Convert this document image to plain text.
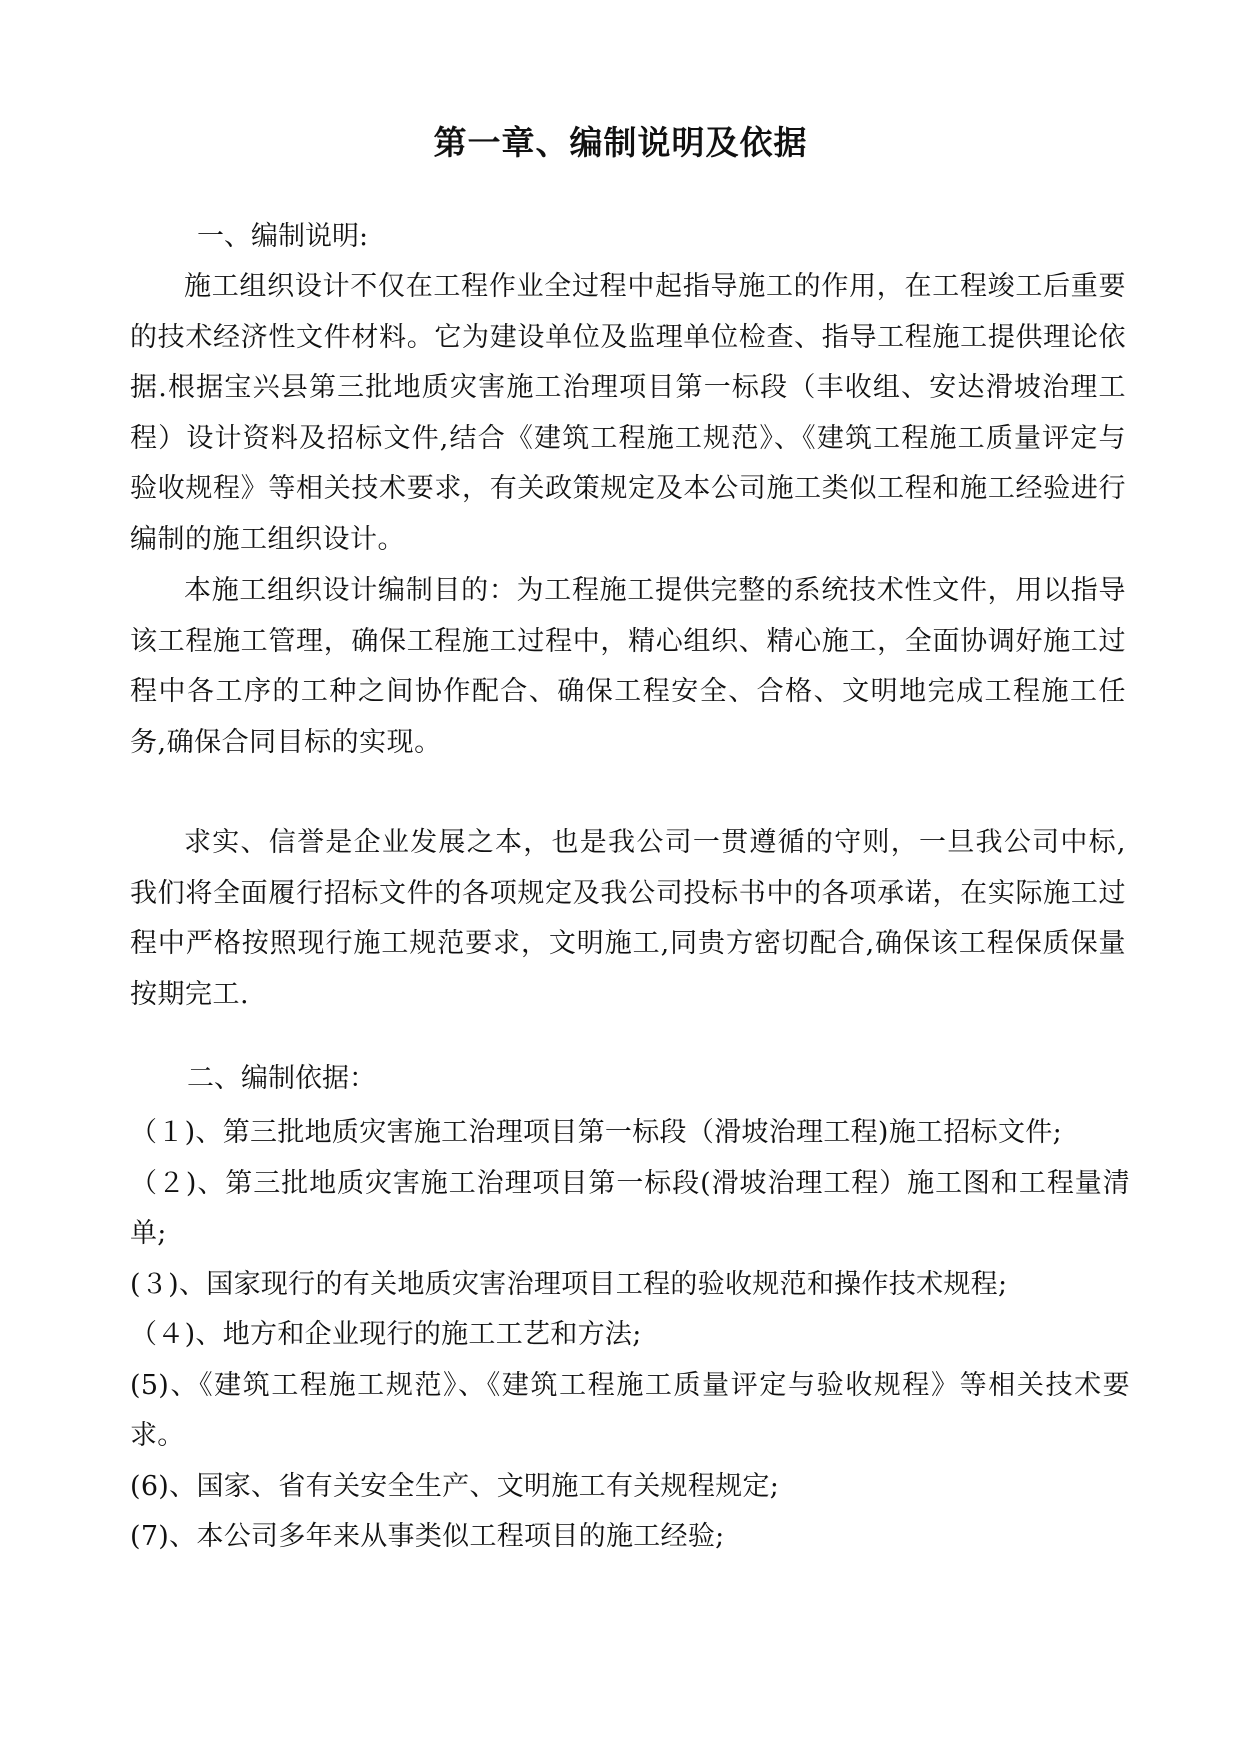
第一章、编制说明及依据

一、编制说明:

施工组织设计不仅在工程作业全过程中起指导施工的作用，在工程竣工后重要的技术经济性文件材料。它为建设单位及监理单位检查、指导工程施工提供理论依据.根据宝兴县第三批地质灾害施工治理项目第一标段（丰收组、安达滑坡治理工程）设计资料及招标文件,结合《建筑工程施工规范》、《建筑工程施工质量评定与验收规程》等相关技术要求，有关政策规定及本公司施工类似工程和施工经验进行编制的施工组织设计。

本施工组织设计编制目的：为工程施工提供完整的系统技术性文件，用以指导该工程施工管理，确保工程施工过程中，精心组织、精心施工，全面协调好施工过程中各工序的工种之间协作配合、确保工程安全、合格、文明地完成工程施工任务,确保合同目标的实现。

求实、信誉是企业发展之本，也是我公司一贯遵循的守则，一旦我公司中标,我们将全面履行招标文件的各项规定及我公司投标书中的各项承诺，在实际施工过程中严格按照现行施工规范要求，文明施工,同贵方密切配合,确保该工程保质保量按期完工.

二、编制依据：

（１)、第三批地质灾害施工治理项目第一标段（滑坡治理工程)施工招标文件;
（２)、第三批地质灾害施工治理项目第一标段(滑坡治理工程）施工图和工程量清单;
(３)、国家现行的有关地质灾害治理项目工程的验收规范和操作技术规程;
（４)、地方和企业现行的施工工艺和方法;
(5)、《建筑工程施工规范》、《建筑工程施工质量评定与验收规程》等相关技术要求。
(6)、国家、省有关安全生产、文明施工有关规程规定;
(7)、本公司多年来从事类似工程项目的施工经验;
